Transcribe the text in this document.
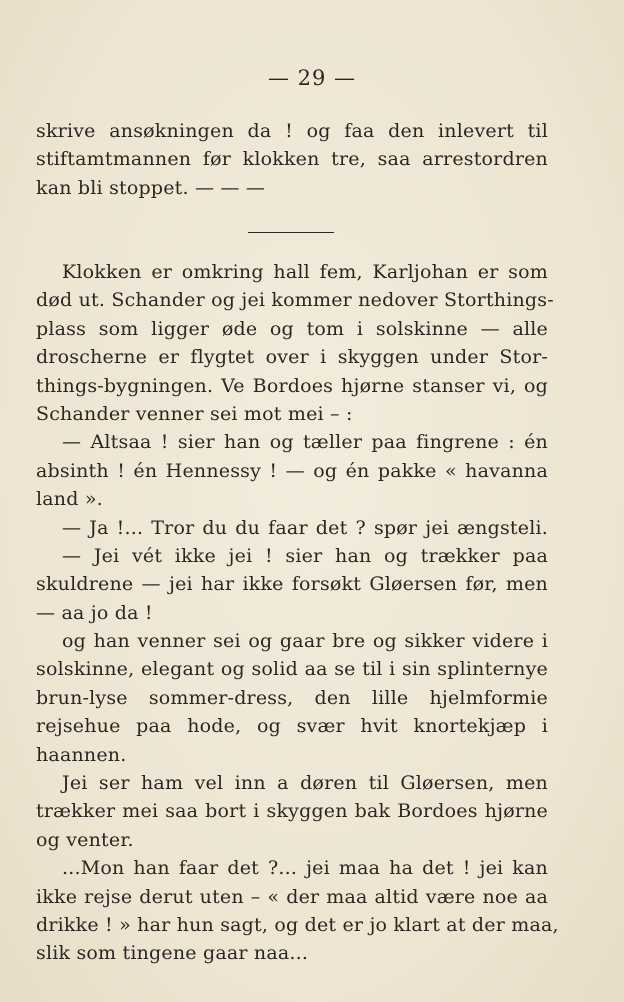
— 29 —
skrive ansøkningen da ! og faa den inlevert til
stiftamtmannen før klokken tre, saa arrestordren
kan bli stoppet. — — —
Klokken er omkring hall fem, Karljohan er som
død ut. Schander og jei kommer nedover Storthings-
plass som ligger øde og tom i solskinne — alle
droscherne er flygtet over i skyggen under Stor-
things-bygningen. Ve Bordoes hjørne stanser vi, og
Schander venner sei mot mei – :
— Altsaa ! sier han og tæller paa fingrene : én
absinth ! én Hennessy ! — og én pakke « havanna
land ».
— Ja !... Tror du du faar det ? spør jei ængsteli.
— Jei vét ikke jei ! sier han og trækker paa
skuldrene — jei har ikke forsøkt Gløersen før, men
— aa jo da !
og han venner sei og gaar bre og sikker videre i
solskinne, elegant og solid aa se til i sin splinternye
brun-lyse sommer-dress, den lille hjelmformie
rejsehue paa hode, og svær hvit knortekjæp i
haannen.
Jei ser ham vel inn a døren til Gløersen, men
trækker mei saa bort i skyggen bak Bordoes hjørne
og venter.
...Mon han faar det ?... jei maa ha det ! jei kan
ikke rejse derut uten – « der maa altid være noe aa
drikke ! » har hun sagt, og det er jo klart at der maa,
slik som tingene gaar naa...
